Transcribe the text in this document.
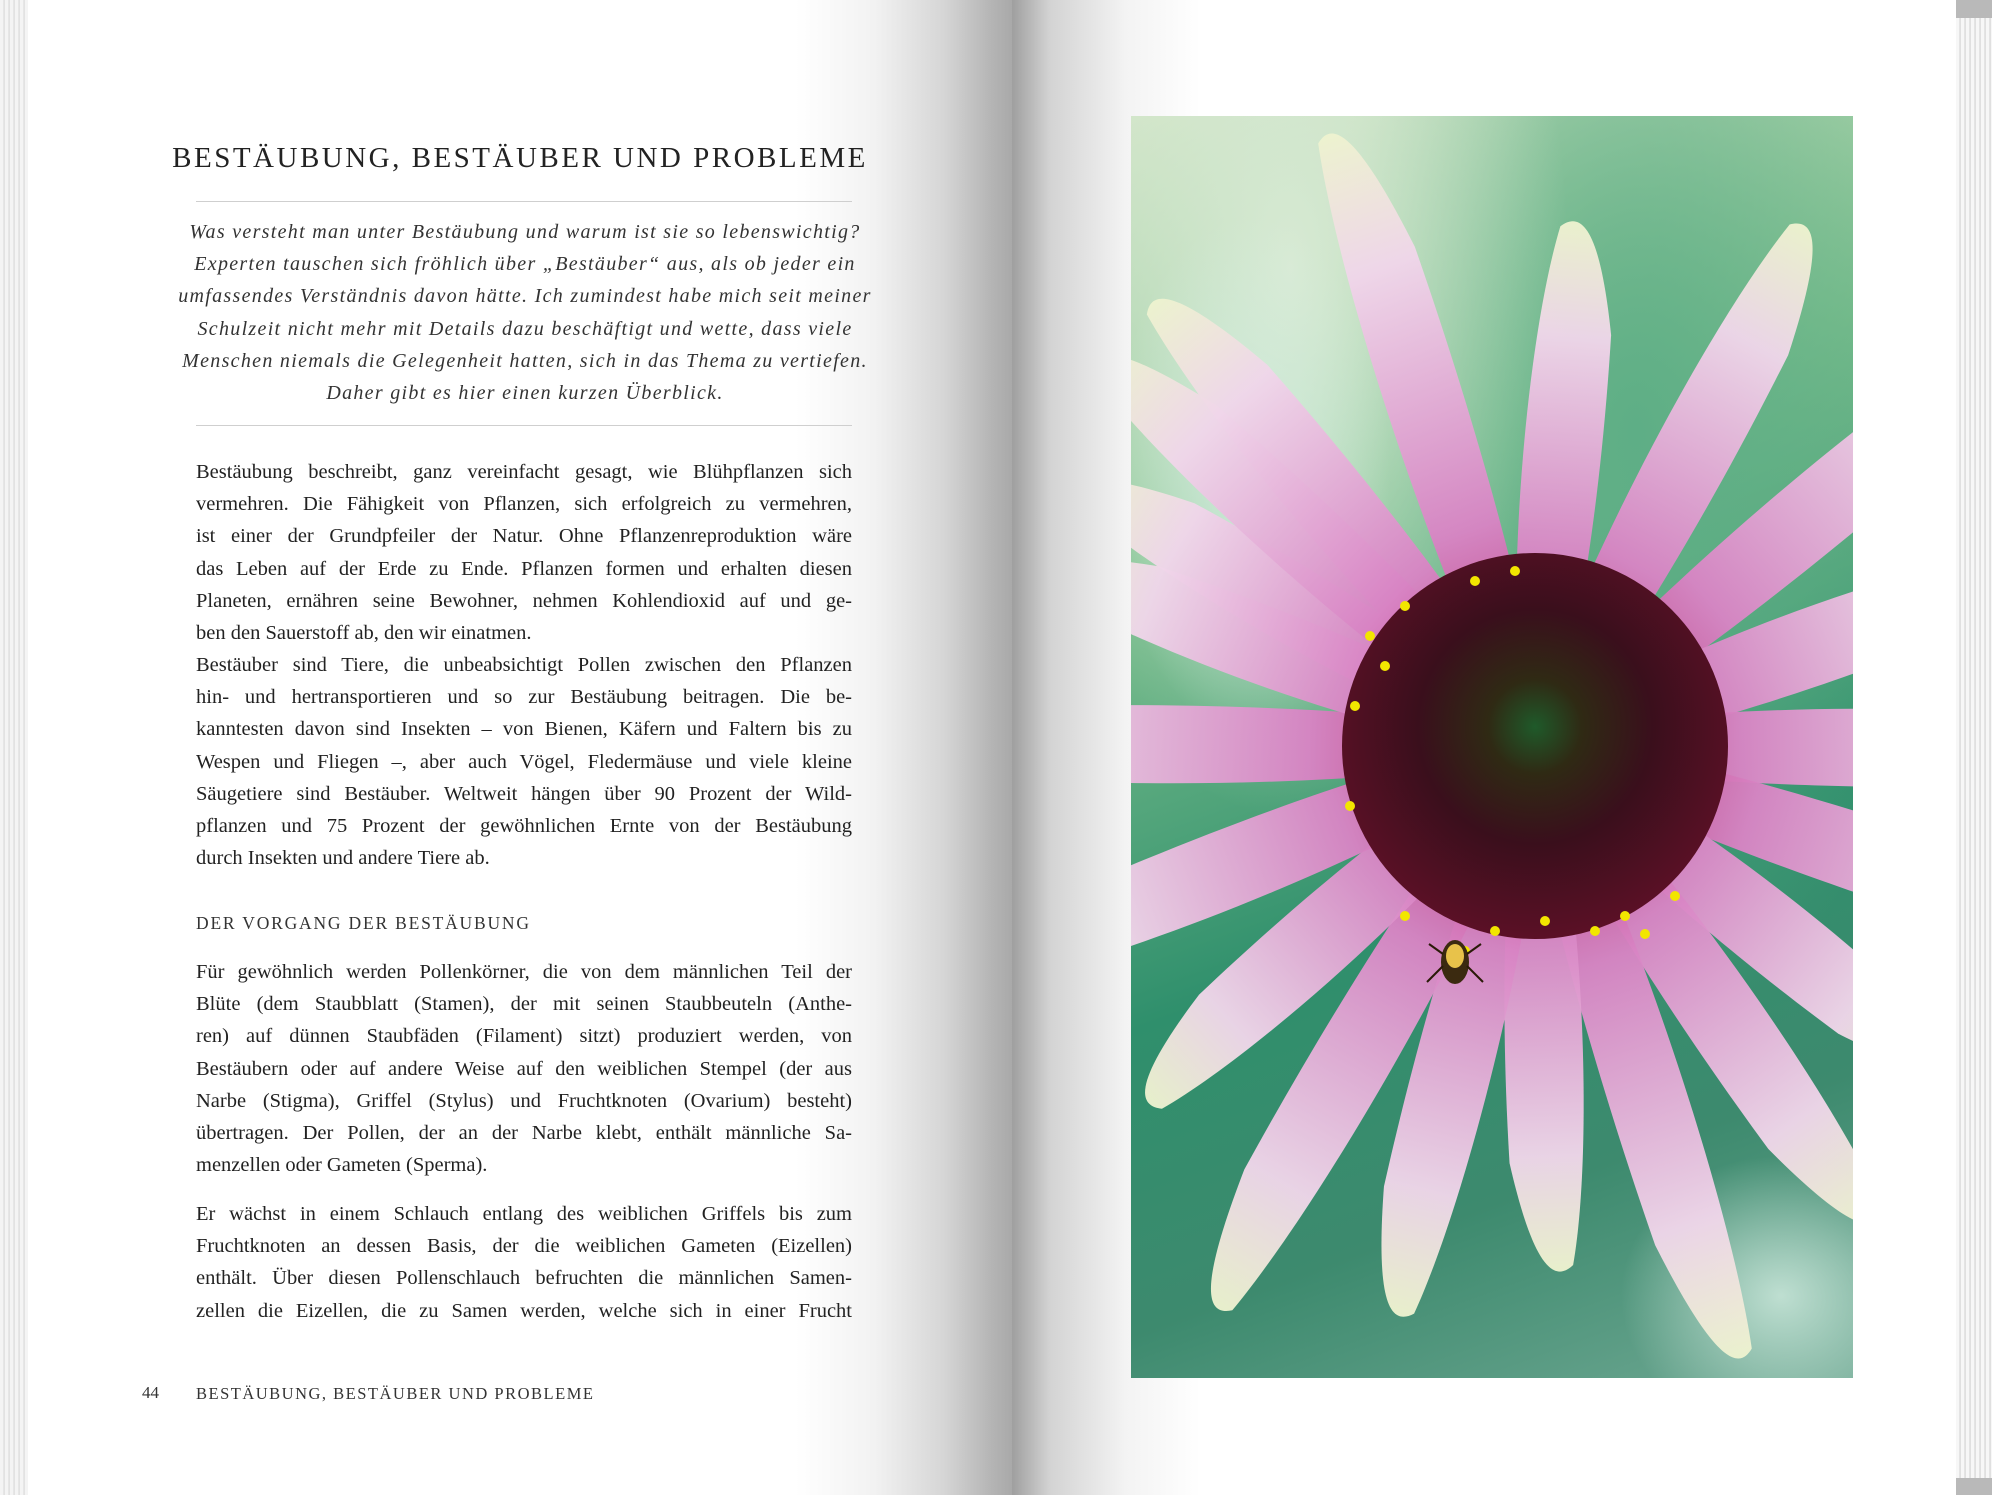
BESTÄUBUNG, BESTÄUBER UND PROBLEME
Was versteht man unter Bestäubung und warum ist sie so lebenswichtig?
Experten tauschen sich fröhlich über „Bestäuber“ aus, als ob jeder ein
umfassendes Verständnis davon hätte. Ich zumindest habe mich seit meiner
Schulzeit nicht mehr mit Details dazu beschäftigt und wette, dass viele
Menschen niemals die Gelegenheit hatten, sich in das Thema zu vertiefen.
Daher gibt es hier einen kurzen Überblick.
Bestäubung beschreibt, ganz vereinfacht gesagt, wie Blühpflanzen sich
vermehren. Die Fähigkeit von Pflanzen, sich erfolgreich zu vermehren,
ist einer der Grundpfeiler der Natur. Ohne Pflanzenreproduktion wäre
das Leben auf der Erde zu Ende. Pflanzen formen und erhalten diesen
Planeten, ernähren seine Bewohner, nehmen Kohlendioxid auf und ge-
ben den Sauerstoff ab, den wir einatmen.
Bestäuber sind Tiere, die unbeabsichtigt Pollen zwischen den Pflanzen
hin- und hertransportieren und so zur Bestäubung beitragen. Die be-
kanntesten davon sind Insekten – von Bienen, Käfern und Faltern bis zu
Wespen und Fliegen –, aber auch Vögel, Fledermäuse und viele kleine
Säugetiere sind Bestäuber. Weltweit hängen über 90 Prozent der Wild-
pflanzen und 75 Prozent der gewöhnlichen Ernte von der Bestäubung
durch Insekten und andere Tiere ab.
DER VORGANG DER BESTÄUBUNG
Für gewöhnlich werden Pollenkörner, die von dem männlichen Teil der
Blüte (dem Staubblatt (Stamen), der mit seinen Staubbeuteln (Anthe-
ren) auf dünnen Staubfäden (Filament) sitzt) produziert werden, von
Bestäubern oder auf andere Weise auf den weiblichen Stempel (der aus
Narbe (Stigma), Griffel (Stylus) und Fruchtknoten (Ovarium) besteht)
übertragen. Der Pollen, der an der Narbe klebt, enthält männliche Sa-
menzellen oder Gameten (Sperma).
Er wächst in einem Schlauch entlang des weiblichen Griffels bis zum
Fruchtknoten an dessen Basis, der die weiblichen Gameten (Eizellen)
enthält. Über diesen Pollenschlauch befruchten die männlichen Samen-
zellen die Eizellen, die zu Samen werden, welche sich in einer Frucht
44 BESTÄUBUNG, BESTÄUBER UND PROBLEME
